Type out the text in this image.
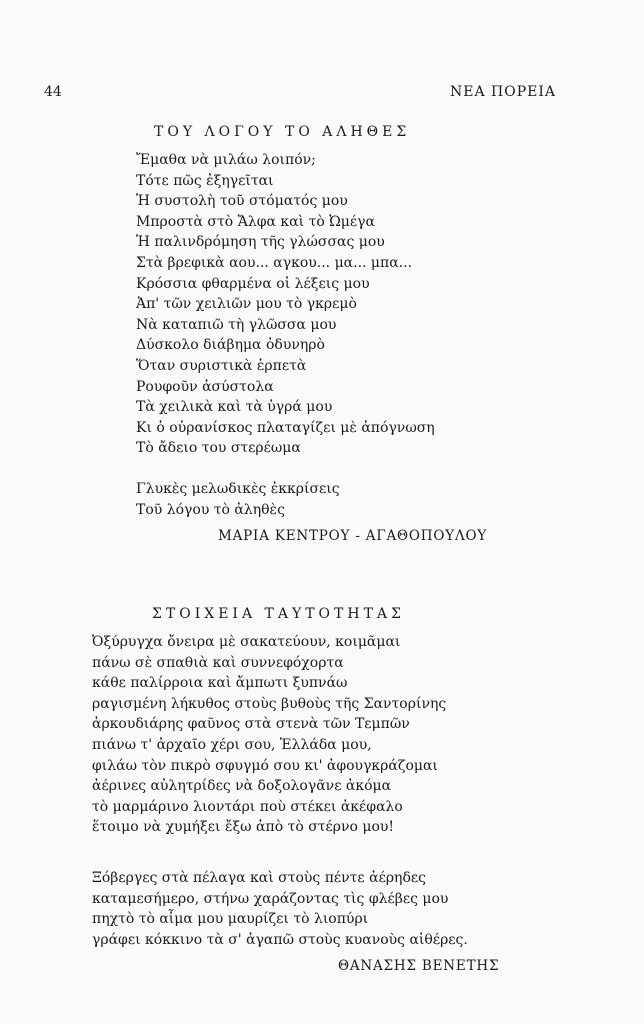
44	ΝΕΑ ΠΟΡΕΙΑ
ΤΟΥ ΛΟΓΟΥ ΤΟ ΑΛΗΘΕΣ
Ἔμαθα νὰ μιλάω λοιπόν;
Τότε πῶς ἐξηγεῖται
Ἡ συστολὴ τοῦ στόματός μου
Μπροστὰ στὸ Ἄλφα καὶ τὸ Ὠμέγα
Ἡ παλινδρόμηση τῆς γλώσσας μου
Στὰ βρεφικὰ αου... αγκου... μα... μπα...
Κρόσσια φθαρμένα οἱ λέξεις μου
Ἀπ' τῶν χειλιῶν μου τὸ γκρεμὸ
Νὰ καταπιῶ τὴ γλῶσσα μου
Δύσκολο διάβημα ὀδυνηρὸ
Ὅταν συριστικὰ ἑρπετὰ
Ρουφοῦν ἀσύστολα
Τὰ χειλικὰ καὶ τὰ ὑγρά μου
Κι ὁ οὐρανίσκος πλαταγίζει μὲ ἀπόγνωση
Τὸ ἄδειο του στερέωμα
Γλυκὲς μελωδικὲς ἐκκρίσεις
Τοῦ λόγου τὸ ἀληθὲς
ΜΑΡΙΑ ΚΕΝΤΡΟΥ - ΑΓΑΘΟΠΟΥΛΟΥ
ΣΤΟΙΧΕΙΑ ΤΑΥΤΟΤΗΤΑΣ
Ὀξύρυγχα ὄνειρα μὲ σακατεύουν, κοιμᾶμαι
πάνω σὲ σπαθιὰ καὶ συννεφόχορτα
κάθε παλίρροια καὶ ἄμπωτι ξυπνάω
ραγισμένη λήκυθος στοὺς βυθοὺς τῆς Σαντορίνης
ἀρκουδιάρης φαῦνος στὰ στενὰ τῶν Τεμπῶν
πιάνω τ' ἀρχαῖο χέρι σου, Ἑλλάδα μου,
φιλάω τὸν πικρὸ σφυγμό σου κι' ἀφουγκράζομαι
ἀέρινες αὐλητρίδες νὰ δοξολογᾶνε ἀκόμα
τὸ μαρμάρινο λιοντάρι ποὺ στέκει ἀκέφαλο
ἕτοιμο νὰ χυμήξει ἔξω ἀπὸ τὸ στέρνο μου!
Ξόβεργες στὰ πέλαγα καὶ στοὺς πέντε ἀέρηδες
καταμεσήμερο, στήνω χαράζοντας τὶς φλέβες μου
πηχτὸ τὸ αἷμα μου μαυρίζει τὸ λιοπύρι
γράφει κόκκινο τὰ σ' ἀγαπῶ στοὺς κυανοὺς αἰθέρες.
ΘΑΝΑΣΗΣ ΒΕΝΕΤΗΣ
